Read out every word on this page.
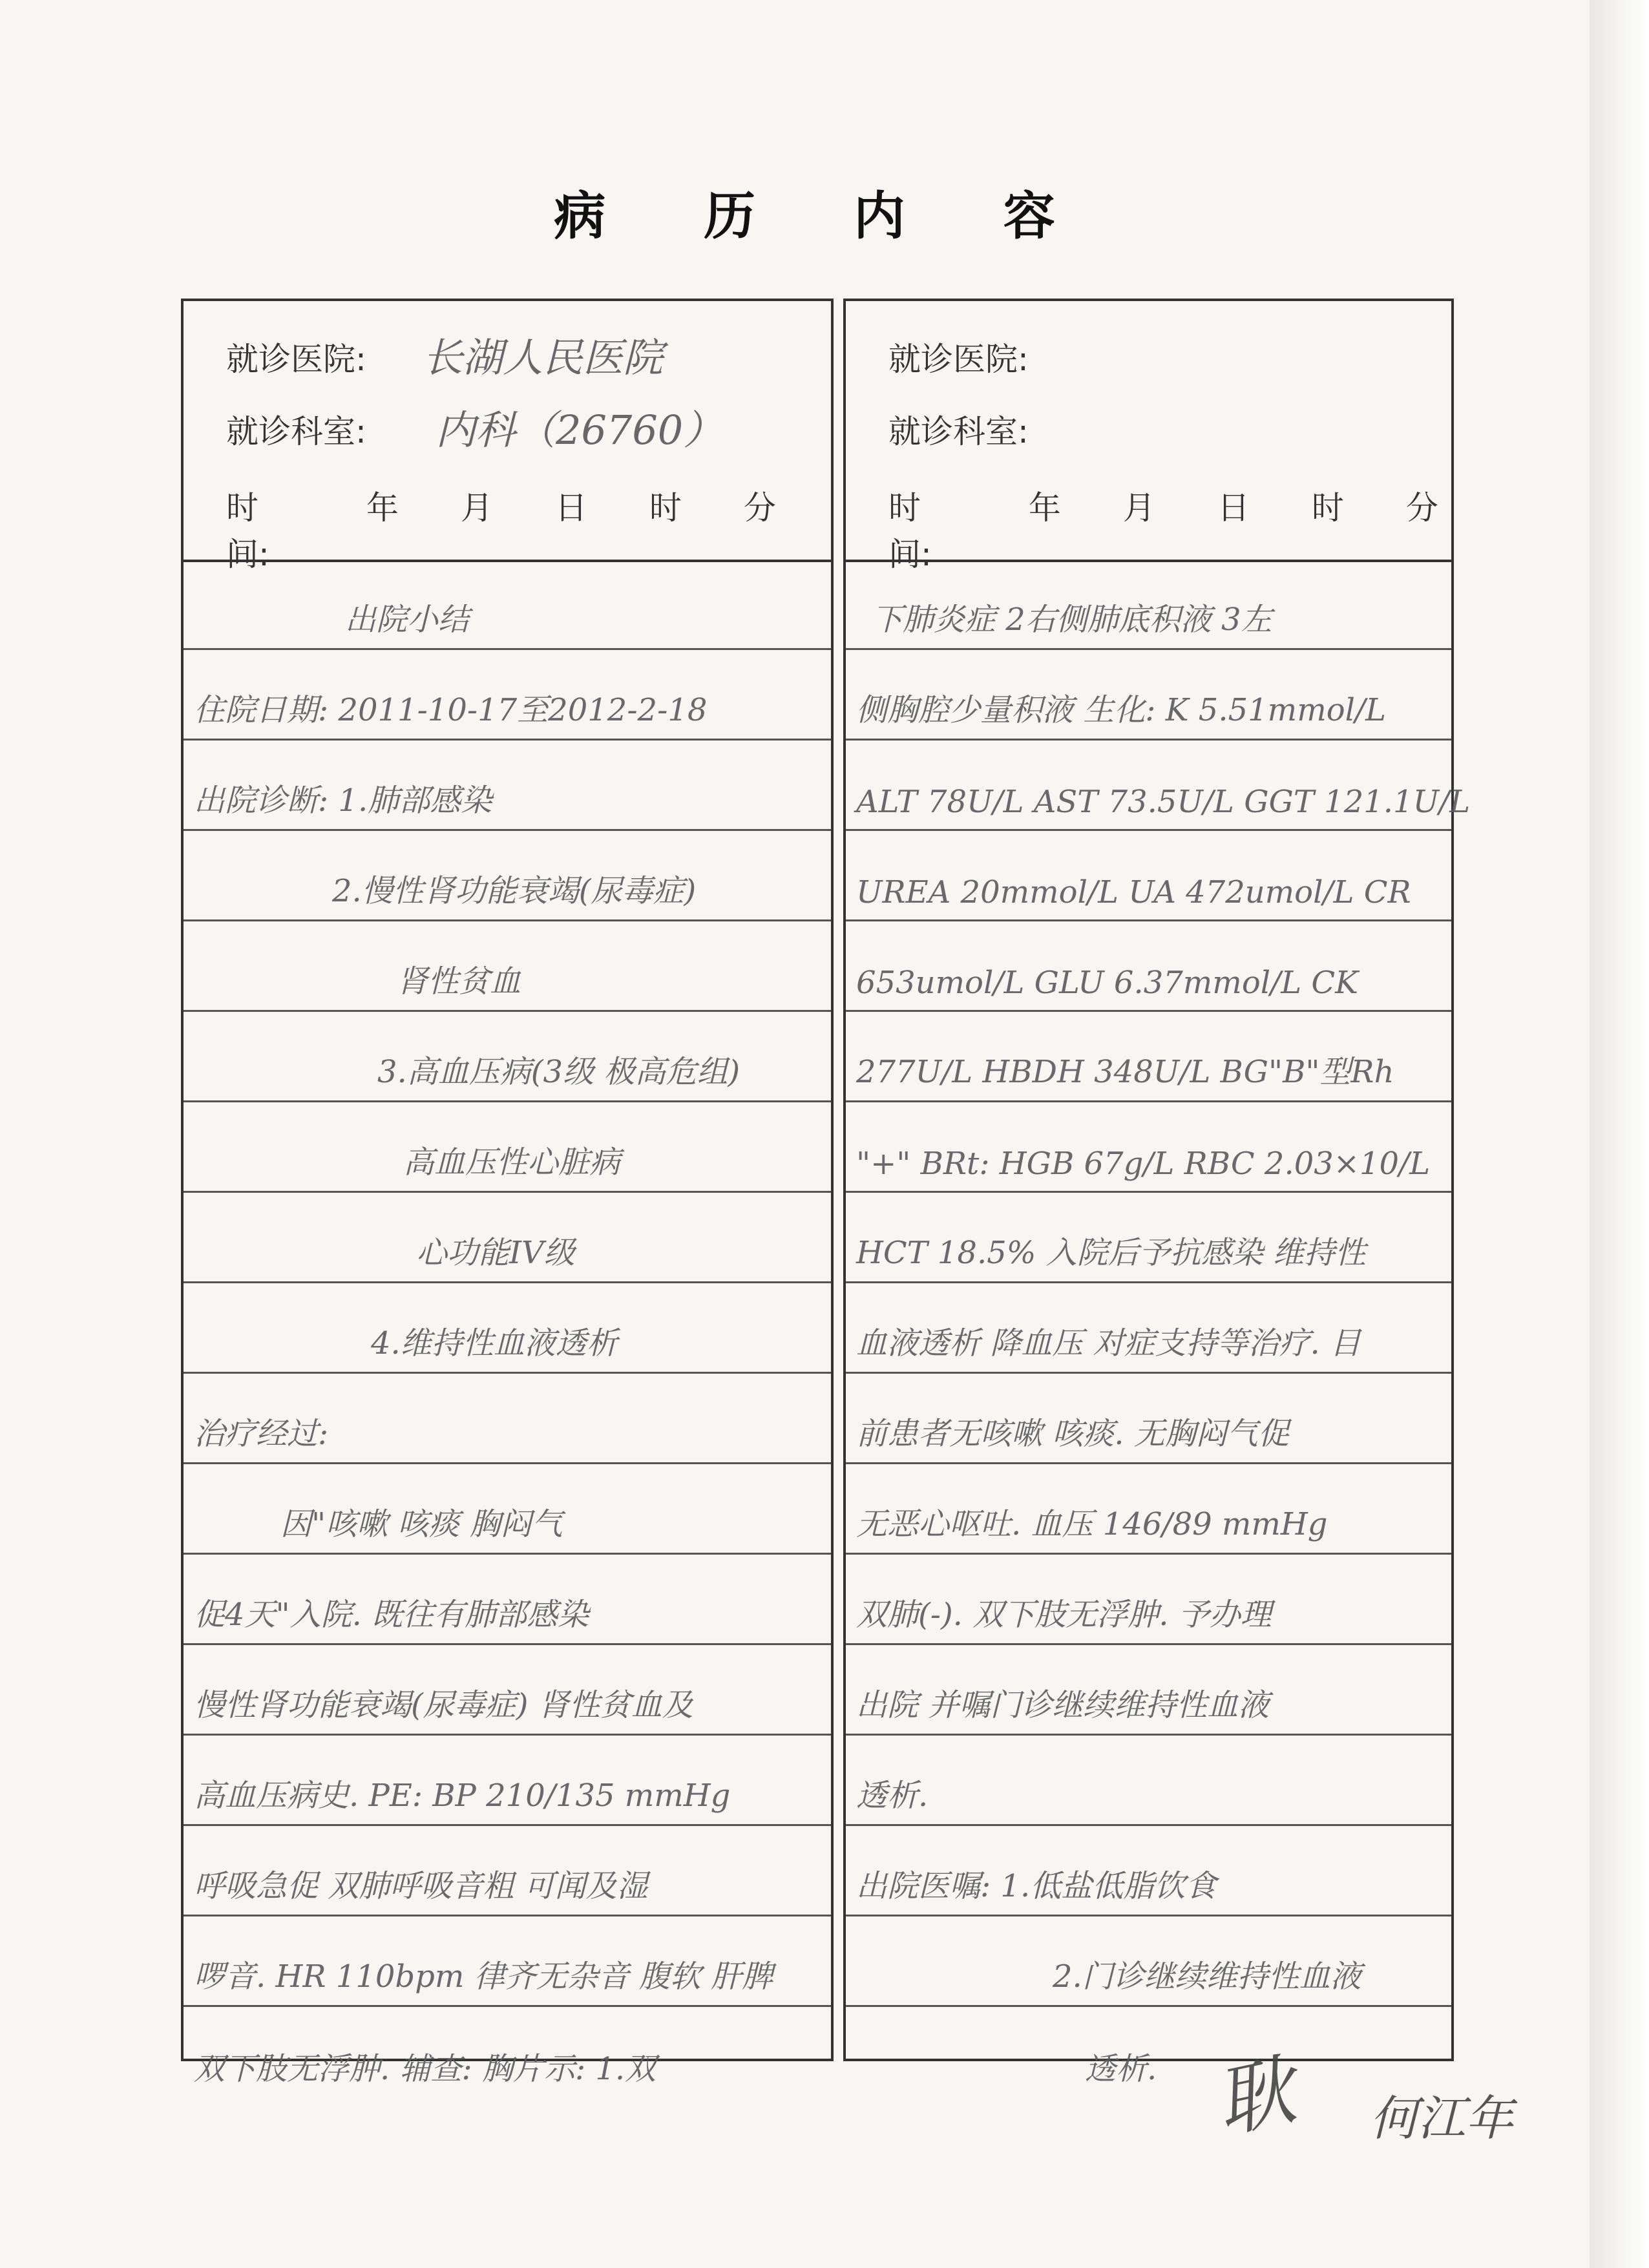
病 历 内 容
就诊医院: 长湖人民医院
就诊科室: 内科（26760）
时间:
年 月 日 时 分
出院小结
住院日期: 2011-10-17至2012-2-18
出院诊断: 1.肺部感染
2.慢性肾功能衰竭(尿毒症)
肾性贫血
3.高血压病(3级 极高危组)
高血压性心脏病
心功能IV级
4.维持性血液透析
治疗经过:
因"咳嗽 咳痰 胸闷气
促4天"入院. 既往有肺部感染
慢性肾功能衰竭(尿毒症) 肾性贫血及
高血压病史. PE: BP 210/135 mmHg
呼吸急促 双肺呼吸音粗 可闻及湿
啰音. HR 110bpm 律齐无杂音 腹软 肝脾
双下肢无浮肿. 辅查: 胸片示: 1.双
就诊医院:
就诊科室:
时间:
年 月 日 时 分
下肺炎症 2右侧肺底积液 3左
侧胸腔少量积液 生化: K 5.51mmol/L
ALT 78U/L AST 73.5U/L GGT 121.1U/L
UREA 20mmol/L UA 472umol/L CR
653umol/L GLU 6.37mmol/L CK
277U/L HBDH 348U/L BG"B"型Rh
"+" BRt: HGB 67g/L RBC 2.03×10/L
HCT 18.5% 入院后予抗感染 维持性
血液透析 降血压 对症支持等治疗. 目
前患者无咳嗽 咳痰. 无胸闷气促
无恶心呕吐. 血压 146/89 mmHg
双肺(-). 双下肢无浮肿. 予办理
出院 并嘱门诊继续维持性血液
透析.
出院医嘱: 1.低盐低脂饮食
2.门诊继续维持性血液
透析. 耿 何江年
